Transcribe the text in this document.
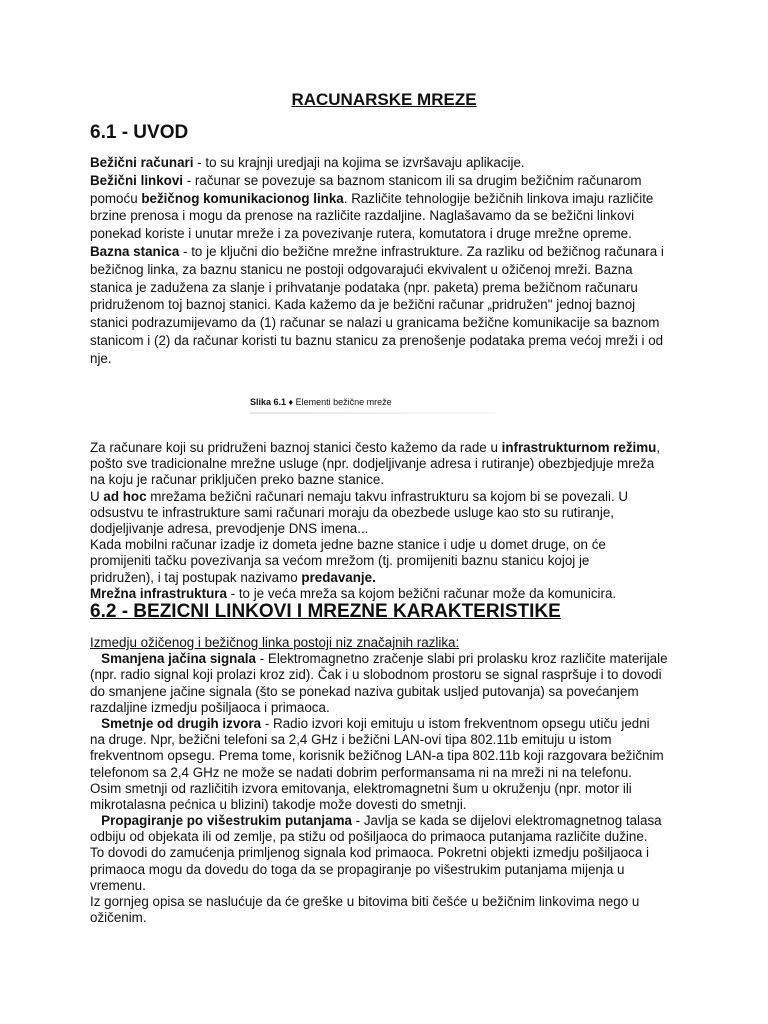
RACUNARSKE MREZE
6.1 - UVOD
Bežični računari - to su krajnji uredjaji na kojima se izvršavaju aplikacije.
Bežični linkovi - računar se povezuje sa baznom stanicom ili sa drugim bežičnim računarom
pomoću bežičnog komunikacionog linka. Različite tehnologije bežičnih linkova imaju različite
brzine prenosa i mogu da prenose na različite razdaljine. Naglašavamo da se bežični linkovi
ponekad koriste i unutar mreže i za povezivanje rutera, komutatora i druge mrežne opreme.
Bazna stanica - to je ključni dio bežične mrežne infrastrukture. Za razliku od bežičnog računara i
bežičnog linka, za baznu stanicu ne postoji odgovarajući ekvivalent u ožičenoj mreži. Bazna
stanica je zadužena za slanje i prihvatanje podataka (npr. paketa) prema bežičnom računaru
pridruženom toj baznoj stanici. Kada kažemo da je bežični računar „pridružen" jednoj baznoj
stanici podrazumijevamo da (1) računar se nalazi u granicama bežične komunikacije sa baznom
stanicom i (2) da računar koristi tu baznu stanicu za prenošenje podataka prema većoj mreži i od
nje.
Slika 6.1 ♦ Elementi bežične mreže
Za računare koji su pridruženi baznoj stanici često kažemo da rade u infrastrukturnom režimu,
pošto sve tradicionalne mrežne usluge (npr. dodjeljivanje adresa i rutiranje) obezbjedjuje mreža
na koju je računar priključen preko bazne stanice.
U ad hoc mrežama bežični računari nemaju takvu infrastrukturu sa kojom bi se povezali. U
odsustvu te infrastrukture sami računari moraju da obezbede usluge kao sto su rutiranje,
dodjeljivanje adresa, prevodjenje DNS imena...
Kada mobilni računar izadje iz dometa jedne bazne stanice i udje u domet druge, on će
promijeniti tačku povezivanja sa većom mrežom (tj. promijeniti baznu stanicu kojoj je
pridružen), i taj postupak nazivamo predavanje.
Mrežna infrastruktura - to je veća mreža sa kojom bežični računar može da komunicira.
6.2 - BEZICNI LINKOVI I MREZNE KARAKTERISTIKE
Izmedju ožičenog i bežičnog linka postoji niz značajnih razlika:
Smanjena jačina signala - Elektromagnetno zračenje slabi pri prolasku kroz različite materijale
(npr. radio signal koji prolazi kroz zid). Čak i u slobodnom prostoru se signal raspršuje i to dovodi
do smanjene jačine signala (što se ponekad naziva gubitak usljed putovanja) sa povećanjem
razdaljine izmedju pošiljaoca i primaoca.
Smetnje od drugih izvora - Radio izvori koji emituju u istom frekventnom opsegu utiču jedni
na druge. Npr, bežični telefoni sa 2,4 GHz i bežični LAN-ovi tipa 802.11b emituju u istom
frekventnom opsegu. Prema tome, korisnik bežičnog LAN-a tipa 802.11b koji razgovara bežičnim
telefonom sa 2,4 GHz ne može se nadati dobrim performansama ni na mreži ni na telefonu.
Osim smetnji od različitih izvora emitovanja, elektromagnetni šum u okruženju (npr. motor ili
mikrotalasna pećnica u blizini) takodje može dovesti do smetnji.
Propagiranje po višestrukim putanjama - Javlja se kada se dijelovi elektromagnetnog talasa
odbiju od objekata ili od zemlje, pa stižu od pošiljaoca do primaoca putanjama različite dužine.
To dovodi do zamućenja primljenog signala kod primaoca. Pokretni objekti izmedju pošiljaoca i
primaoca mogu da dovedu do toga da se propagiranje po višestrukim putanjama mijenja u
vremenu.
Iz gornjeg opisa se naslućuje da će greške u bitovima biti češće u bežičnim linkovima nego u
ožičenim.
